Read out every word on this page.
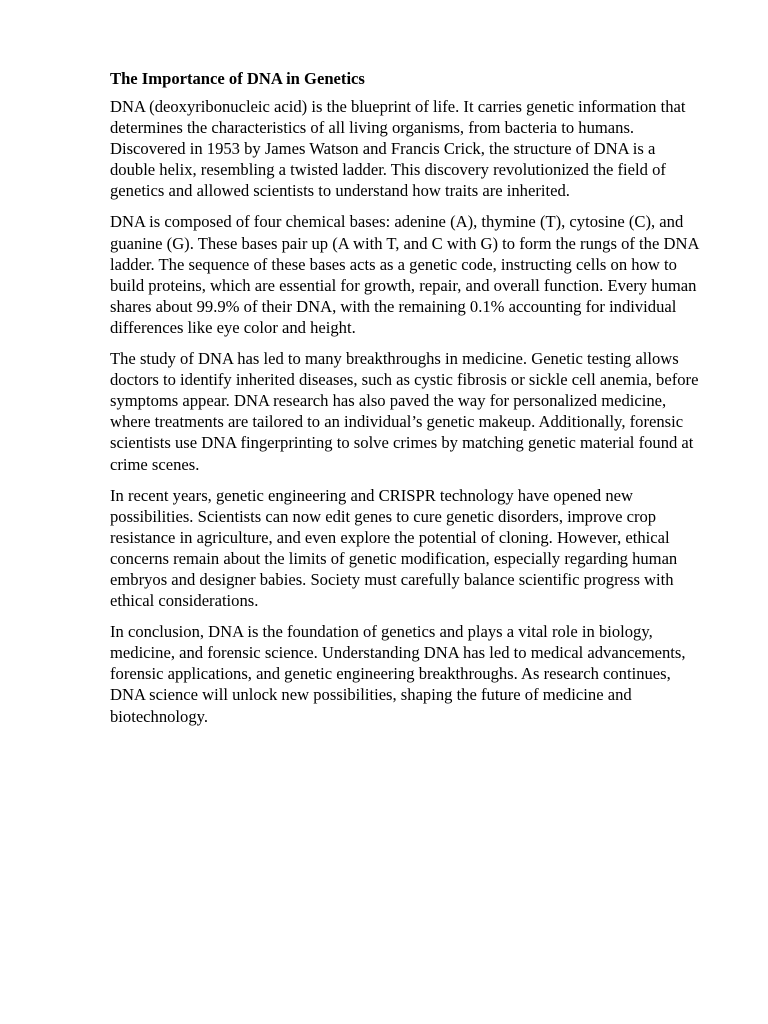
The Importance of DNA in Genetics

DNA (deoxyribonucleic acid) is the blueprint of life. It carries genetic information that determines the characteristics of all living organisms, from bacteria to humans. Discovered in 1953 by James Watson and Francis Crick, the structure of DNA is a double helix, resembling a twisted ladder. This discovery revolutionized the field of genetics and allowed scientists to understand how traits are inherited.

DNA is composed of four chemical bases: adenine (A), thymine (T), cytosine (C), and guanine (G). These bases pair up (A with T, and C with G) to form the rungs of the DNA ladder. The sequence of these bases acts as a genetic code, instructing cells on how to build proteins, which are essential for growth, repair, and overall function. Every human shares about 99.9% of their DNA, with the remaining 0.1% accounting for individual differences like eye color and height.

The study of DNA has led to many breakthroughs in medicine. Genetic testing allows doctors to identify inherited diseases, such as cystic fibrosis or sickle cell anemia, before symptoms appear. DNA research has also paved the way for personalized medicine, where treatments are tailored to an individual’s genetic makeup. Additionally, forensic scientists use DNA fingerprinting to solve crimes by matching genetic material found at crime scenes.

In recent years, genetic engineering and CRISPR technology have opened new possibilities. Scientists can now edit genes to cure genetic disorders, improve crop resistance in agriculture, and even explore the potential of cloning. However, ethical concerns remain about the limits of genetic modification, especially regarding human embryos and designer babies. Society must carefully balance scientific progress with ethical considerations.

In conclusion, DNA is the foundation of genetics and plays a vital role in biology, medicine, and forensic science. Understanding DNA has led to medical advancements, forensic applications, and genetic engineering breakthroughs. As research continues, DNA science will unlock new possibilities, shaping the future of medicine and biotechnology.
